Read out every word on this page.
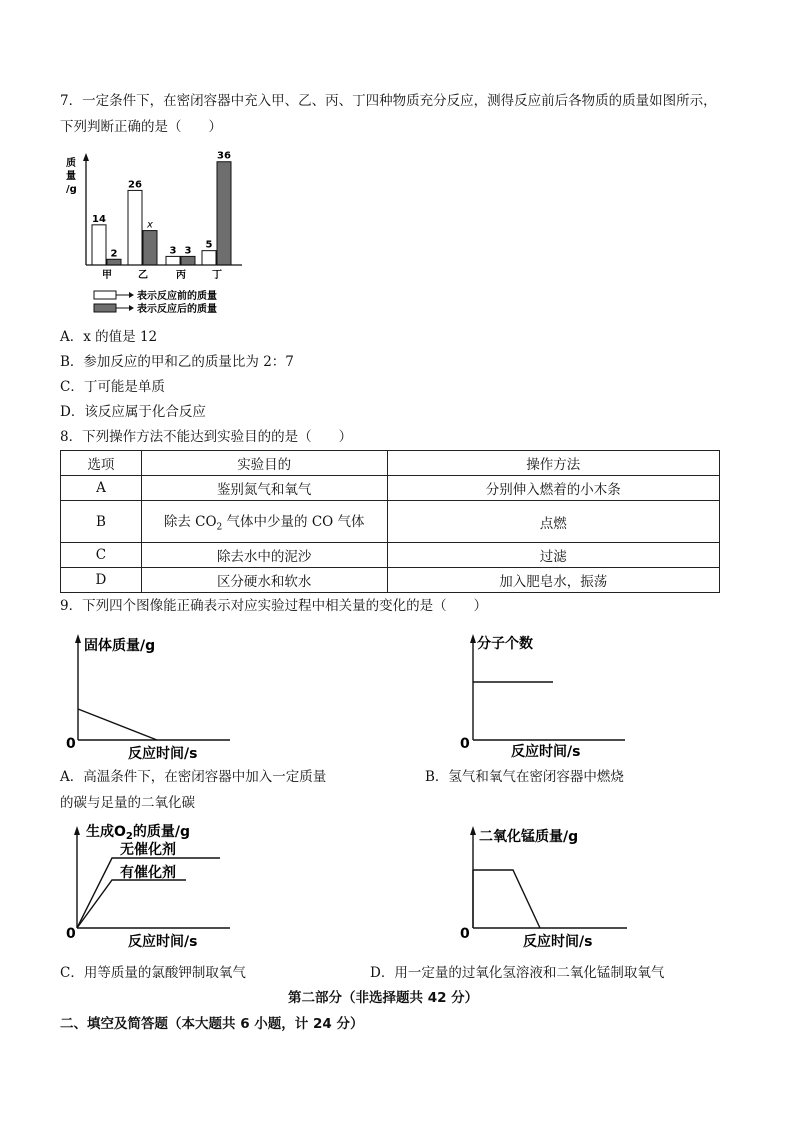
7．一定条件下，在密闭容器中充入甲、乙、丙、丁四种物质充分反应，测得反应前后各物质的质量如图所示，
下列判断正确的是（　　）
质
量
/g
14
2
26
x
3 3
5
36
甲	乙	丙	丁
表示反应前的质量
表示反应后的质量
A．x 的值是 12
B．参加反应的甲和乙的质量比为 2：7
C．丁可能是单质
D．该反应属于化合反应
8．下列操作方法不能达到实验目的的是（　　）
选项	实验目的	操作方法
A	鉴别氮气和氧气	分别伸入燃着的小木条
B	除去 $CO_2$ 气体中少量的 CO 气体	点燃
C	除去水中的泥沙	过滤
D	区分硬水和软水	加入肥皂水，振荡
9．下列四个图像能正确表示对应实验过程中相关量的变化的是（　　）
固体质量/g
反应时间/s
0
分子个数
反应时间/s
0
A．高温条件下，在密闭容器中加入一定质量
的碳与足量的二氧化碳
B．氢气和氧气在密闭容器中燃烧
生成$O_2$的质量/g
无催化剂
有催化剂
反应时间/s
0
二氧化锰质量/g
反应时间/s
0
C．用等质量的氯酸钾制取氧气	D．用一定量的过氧化氢溶液和二氧化锰制取氧气
第二部分（非选择题共 42 分）
二、填空及简答题（本大题共 6 小题，计 24 分）
